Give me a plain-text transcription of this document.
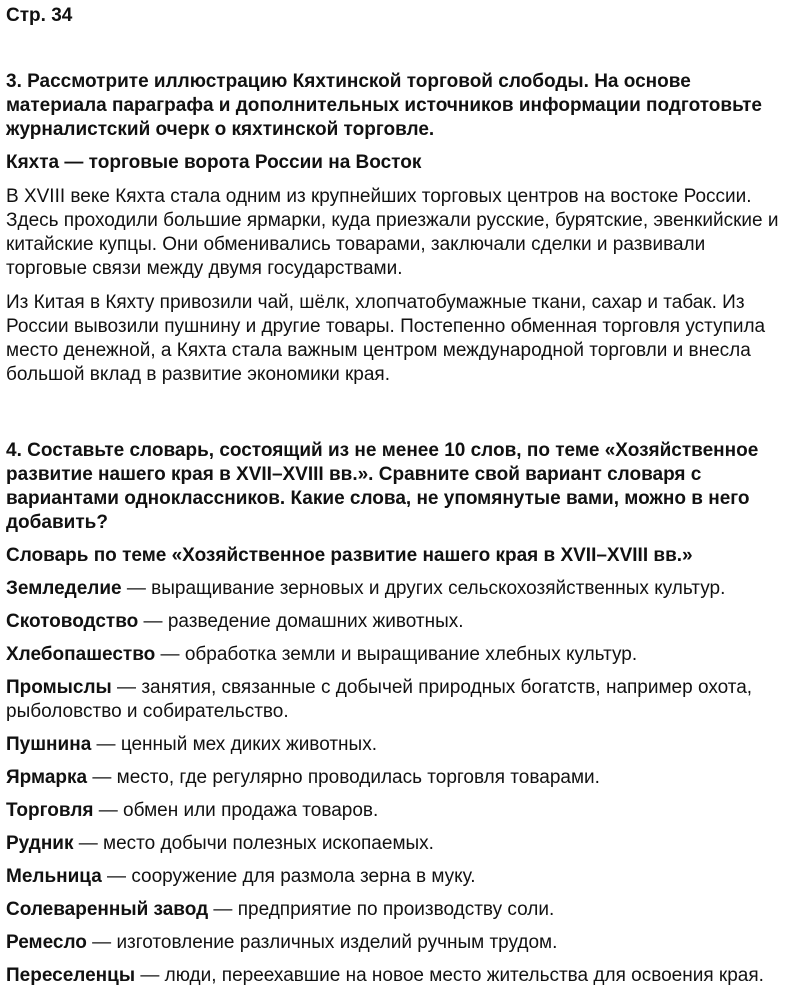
Стр. 34

3. Рассмотрите иллюстрацию Кяхтинской торговой слободы. На основе материала параграфа и дополнительных источников информации подготовьте журналистский очерк о кяхтинской торговле.

Кяхта — торговые ворота России на Восток

В XVIII веке Кяхта стала одним из крупнейших торговых центров на востоке России. Здесь проходили большие ярмарки, куда приезжали русские, бурятские, эвенкийские и китайские купцы. Они обменивались товарами, заключали сделки и развивали торговые связи между двумя государствами.

Из Китая в Кяхту привозили чай, шёлк, хлопчатобумажные ткани, сахар и табак. Из России вывозили пушнину и другие товары. Постепенно обменная торговля уступила место денежной, а Кяхта стала важным центром международной торговли и внесла большой вклад в развитие экономики края.

4. Составьте словарь, состоящий из не менее 10 слов, по теме «Хозяйственное развитие нашего края в XVII–XVIII вв.». Сравните свой вариант словаря с вариантами одноклассников. Какие слова, не упомянутые вами, можно в него добавить?

Словарь по теме «Хозяйственное развитие нашего края в XVII–XVIII вв.»

Земледелие — выращивание зерновых и других сельскохозяйственных культур.

Скотоводство — разведение домашних животных.

Хлебопашество — обработка земли и выращивание хлебных культур.

Промыслы — занятия, связанные с добычей природных богатств, например охота, рыболовство и собирательство.

Пушнина — ценный мех диких животных.

Ярмарка — место, где регулярно проводилась торговля товарами.

Торговля — обмен или продажа товаров.

Рудник — место добычи полезных ископаемых.

Мельница — сооружение для размола зерна в муку.

Солеваренный завод — предприятие по производству соли.

Ремесло — изготовление различных изделий ручным трудом.

Переселенцы — люди, переехавшие на новое место жительства для освоения края.
